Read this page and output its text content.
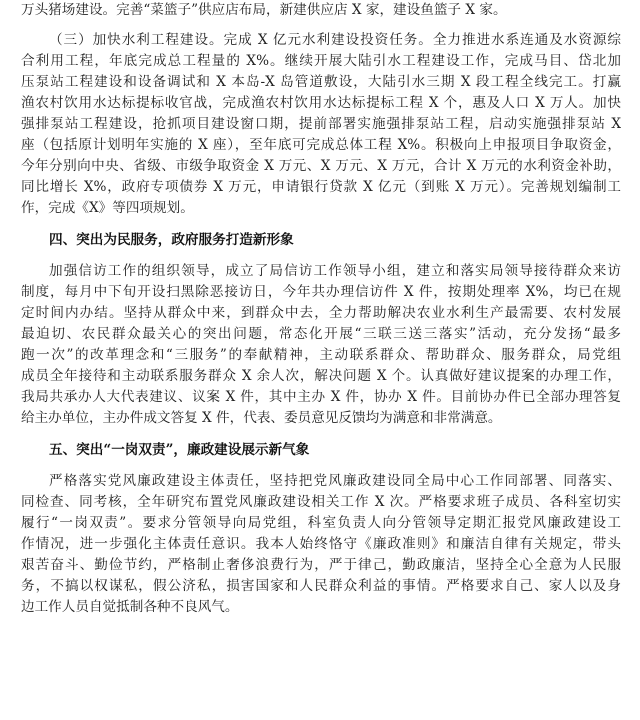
万头猪场建设。完善“菜篮子”供应店布局，新建供应店 X 家，建设鱼篮子 X 家。
（三）加快水利工程建设。完成 X 亿元水利建设投资任务。全力推进水系连通及水资源综
合利用工程，年底完成总工程量的 X%。继续开展大陆引水工程建设工作，完成马目、岱北加
压泵站工程建设和设备调试和 X 本岛-X 岛管道敷设，大陆引水三期 X 段工程全线完工。打赢
渔农村饮用水达标提标收官战，完成渔农村饮用水达标提标工程 X 个，惠及人口 X 万人。加快
强排泵站工程建设，抢抓项目建设窗口期，提前部署实施强排泵站工程，启动实施强排泵站 X
座（包括原计划明年实施的 X 座），至年底可完成总体工程 X%。积极向上申报项目争取资金，
今年分别向中央、省级、市级争取资金 X 万元、X 万元、X 万元，合计 X 万元的水利资金补助，
同比增长 X%，政府专项债券 X 万元，申请银行贷款 X 亿元（到账 X 万元）。完善规划编制工
作，完成《X》等四项规划。
四、突出为民服务，政府服务打造新形象
加强信访工作的组织领导，成立了局信访工作领导小组，建立和落实局领导接待群众来访
制度，每月中下旬开设扫黑除恶接访日，今年共办理信访件 X 件，按期处理率 X%，均已在规
定时间内办结。坚持从群众中来，到群众中去，全力帮助解决农业水利生产最需要、农村发展
最迫切、农民群众最关心的突出问题，常态化开展“三联三送三落实”活动，充分发扬“最多
跑一次”的改革理念和“三服务”的奉献精神，主动联系群众、帮助群众、服务群众，局党组
成员全年接待和主动联系服务群众 X 余人次，解决问题 X 个。认真做好建议提案的办理工作，
我局共承办人大代表建议、议案 X 件，其中主办 X 件，协办 X 件。目前协办件已全部办理答复
给主办单位，主办件成文答复 X 件，代表、委员意见反馈均为满意和非常满意。
五、突出“一岗双责”，廉政建设展示新气象
严格落实党风廉政建设主体责任，坚持把党风廉政建设同全局中心工作同部署、同落实、
同检查、同考核，全年研究布置党风廉政建设相关工作 X 次。严格要求班子成员、各科室切实
履行“一岗双责”。要求分管领导向局党组，科室负责人向分管领导定期汇报党风廉政建设工
作情况，进一步强化主体责任意识。我本人始终恪守《廉政准则》和廉洁自律有关规定，带头
艰苦奋斗、勤俭节约，严格制止奢侈浪费行为，严于律己，勤政廉洁，坚持全心全意为人民服
务，不搞以权谋私，假公济私，损害国家和人民群众利益的事情。严格要求自己、家人以及身
边工作人员自觉抵制各种不良风气。
